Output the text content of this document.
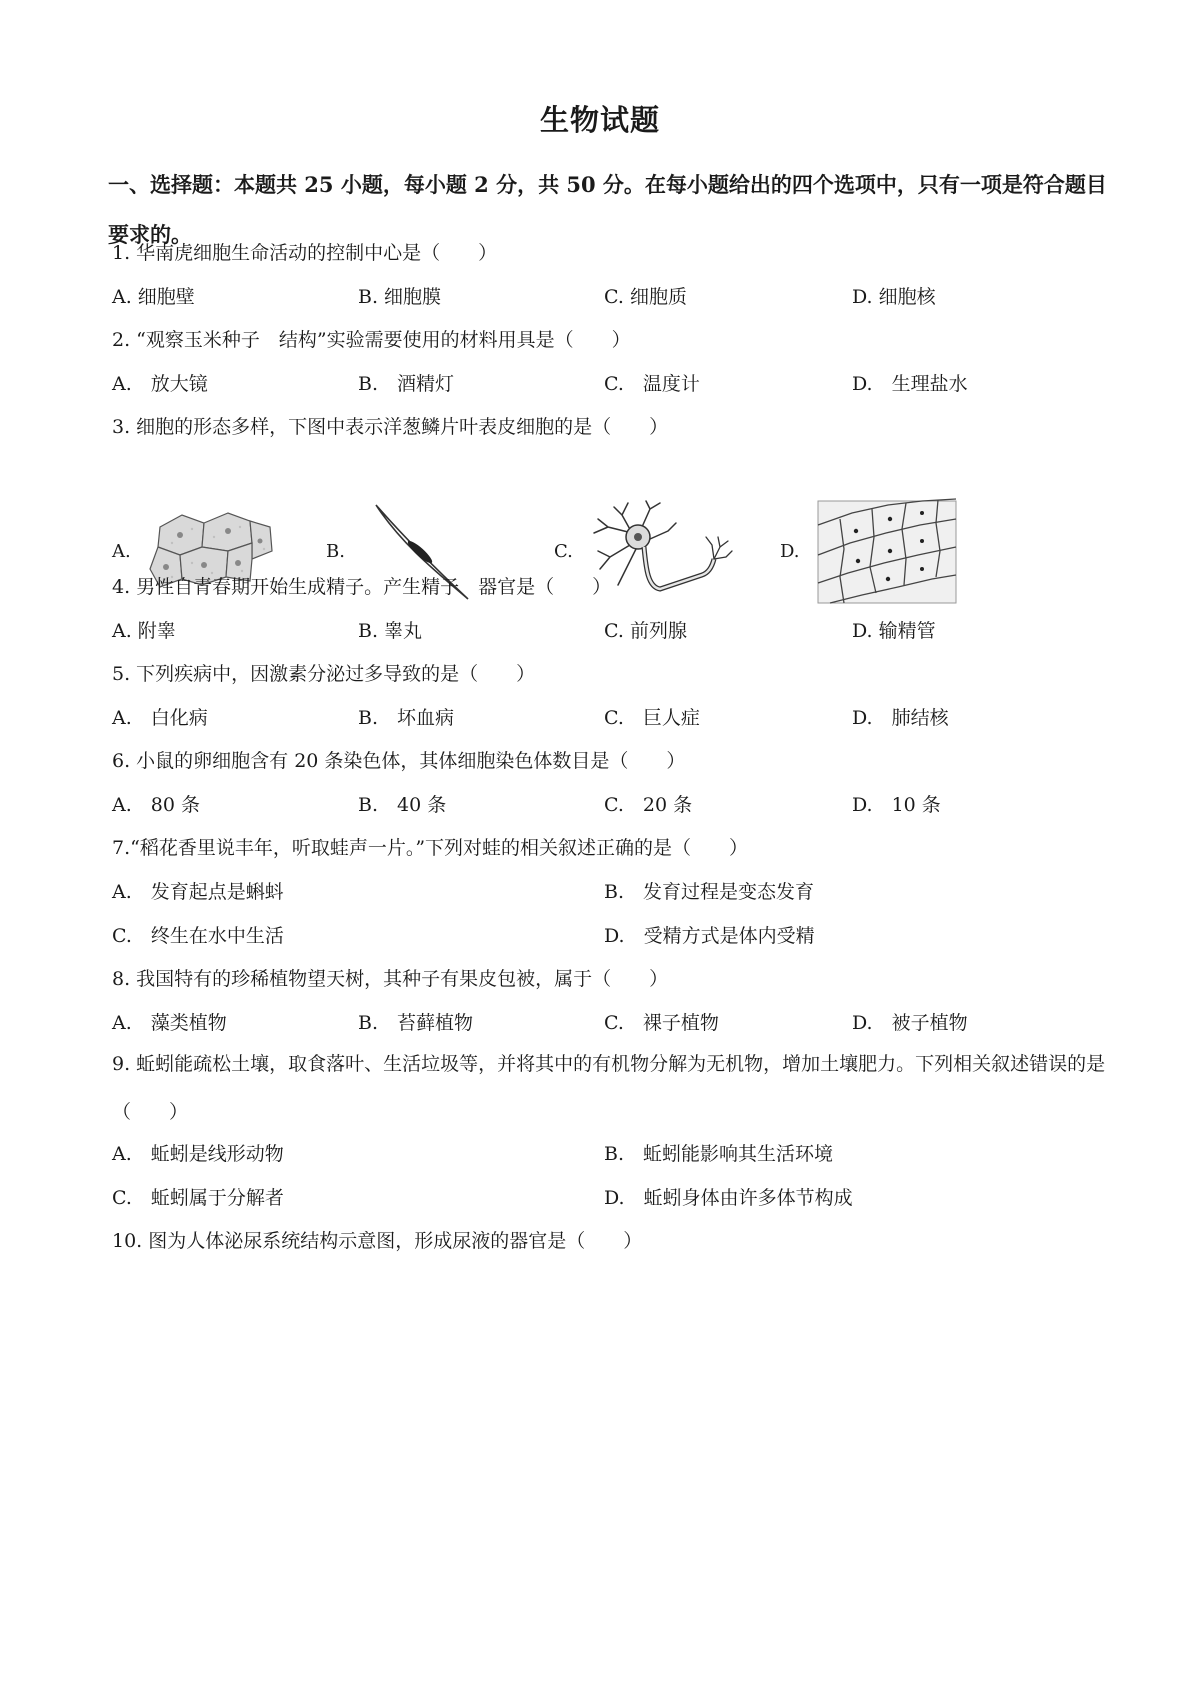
生物试题

一、选择题：本题共 25 小题，每小题 2 分，共 50 分。在每小题给出的四个选项中，只有一项是符合题目要求的。

1. 华南虎细胞生命活动的控制中心是（　　）

A. 细胞壁	B. 细胞膜	C. 细胞质	D. 细胞核

2. “观察玉米种子　结构”实验需要使用的材料用具是（　　）

A.　放大镜	B.　酒精灯	C.　温度计	D.　生理盐水

3. 细胞的形态多样，下图中表示洋葱鳞片叶表皮细胞的是（　　）

A.	B.	C.	D.

4. 男性自青春期开始生成精子。产生精子　器官是（　　）

A. 附睾	B. 睾丸	C. 前列腺	D. 输精管

5. 下列疾病中，因激素分泌过多导致的是（　　）

A.　白化病	B.　坏血病	C.　巨人症	D.　肺结核

6. 小鼠的卵细胞含有 20 条染色体，其体细胞染色体数目是（　　）

A.　80 条	B.　40 条	C.　20 条	D.　10 条

7.“稻花香里说丰年，听取蛙声一片。”下列对蛙的相关叙述正确的是（　　）

A.　发育起点是蝌蚪	B.　发育过程是变态发育
C.　终生在水中生活	D.　受精方式是体内受精

8. 我国特有的珍稀植物望天树，其种子有果皮包被，属于（　　）

A.　藻类植物	B.　苔藓植物	C.　裸子植物	D.　被子植物

9. 蚯蚓能疏松土壤，取食落叶、生活垃圾等，并将其中的有机物分解为无机物，增加土壤肥力。下列相关叙述错误的是（　　）

A.　蚯蚓是线形动物	B.　蚯蚓能影响其生活环境
C.　蚯蚓属于分解者	D.　蚯蚓身体由许多体节构成

10. 图为人体泌尿系统结构示意图，形成尿液的器官是（　　）
